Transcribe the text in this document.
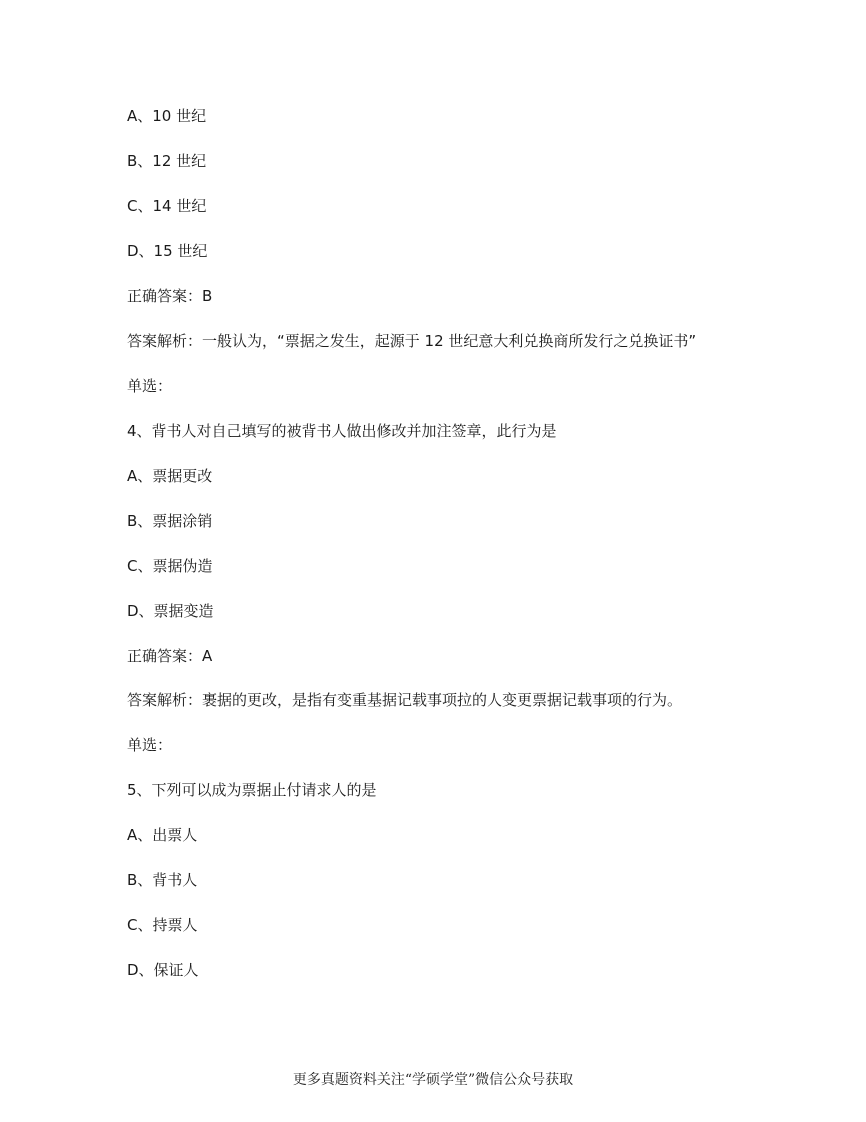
A、10 世纪
B、12 世纪
C、14 世纪
D、15 世纪
正确答案：B
答案解析：一般认为，“票据之发生，起源于 12 世纪意大利兑换商所发行之兑换证书”
单选：
4、背书人对自己填写的被背书人做出修改并加注签章，此行为是
A、票据更改
B、票据涂销
C、票据伪造
D、票据变造
正确答案：A
答案解析：裹据的更改，是指有变重基据记载事项拉的人变更票据记载事项的行为。
单选：
5、下列可以成为票据止付请求人的是
A、出票人
B、背书人
C、持票人
D、保证人
更多真题资料关注“学硕学堂”微信公众号获取
